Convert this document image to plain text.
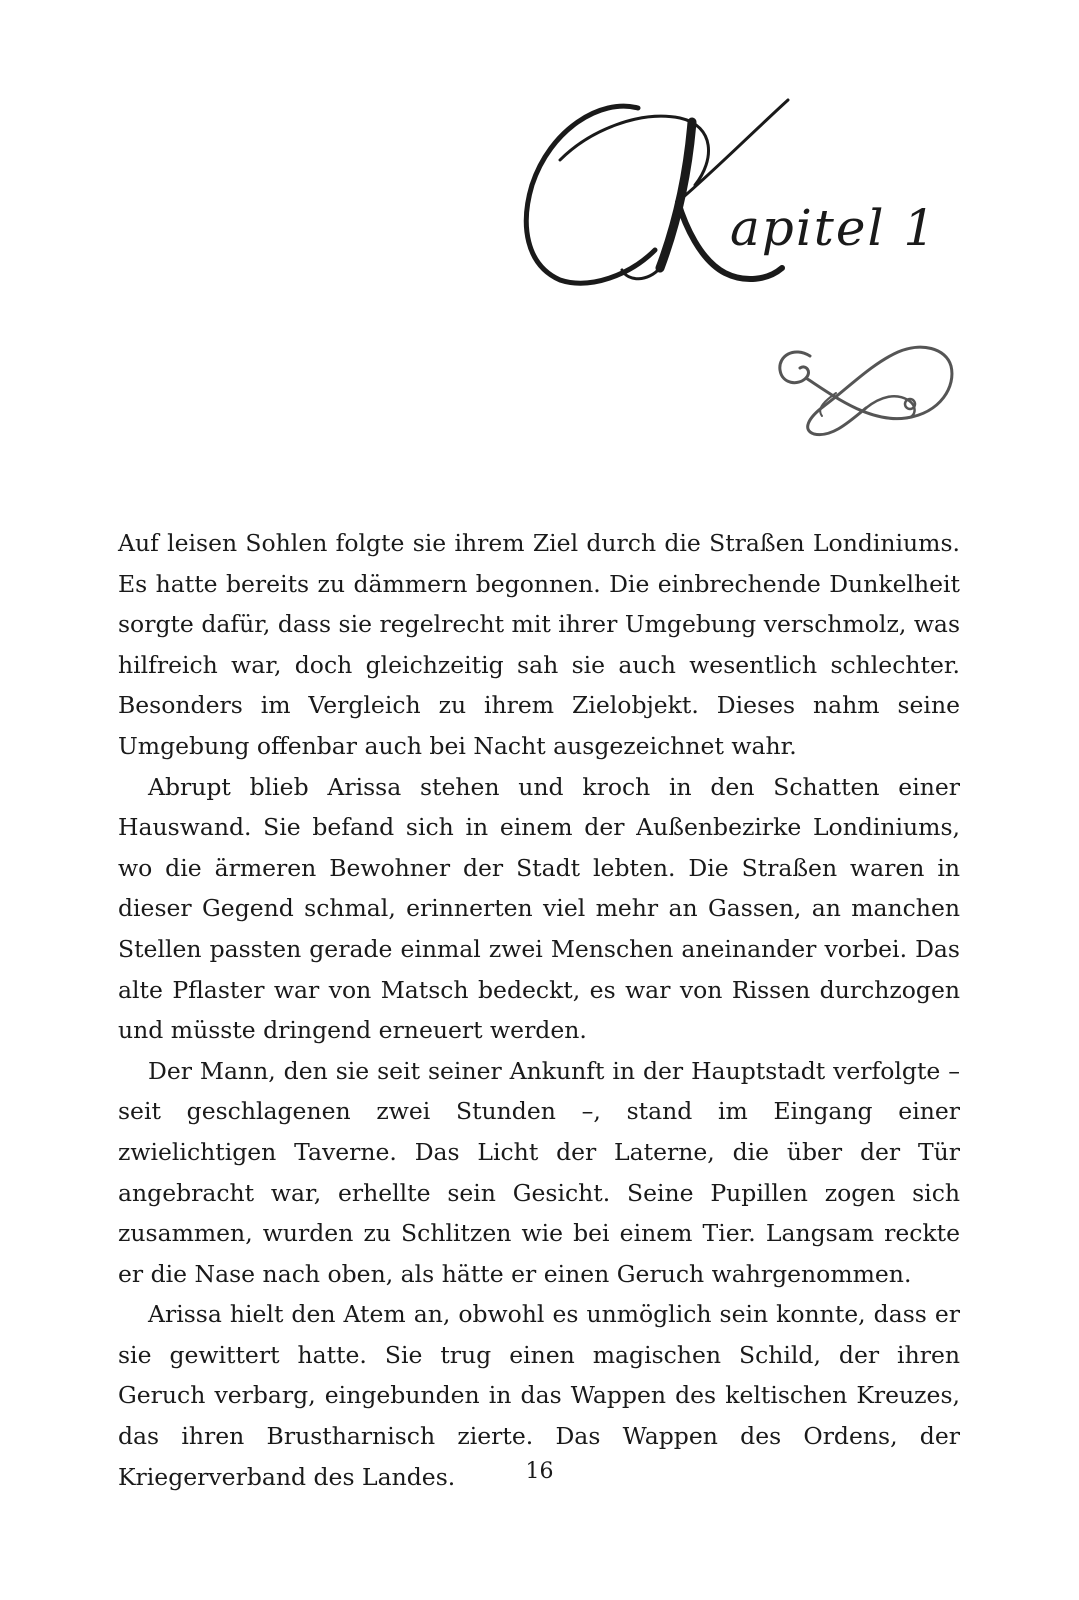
apitel 1

Auf leisen Sohlen folgte sie ihrem Ziel durch die Straßen Londiniums. Es hatte bereits zu dämmern begonnen. Die einbrechende Dunkelheit sorgte dafür, dass sie regelrecht mit ihrer Umgebung verschmolz, was hilfreich war, doch gleichzeitig sah sie auch wesentlich schlechter. Besonders im Vergleich zu ihrem Zielobjekt. Dieses nahm seine Umgebung offenbar auch bei Nacht ausgezeichnet wahr.

Abrupt blieb Arissa stehen und kroch in den Schatten einer Hauswand. Sie befand sich in einem der Außenbezirke Londiniums, wo die ärmeren Bewohner der Stadt lebten. Die Straßen waren in dieser Gegend schmal, erinnerten viel mehr an Gassen, an manchen Stellen passten gerade einmal zwei Menschen aneinander vorbei. Das alte Pflaster war von Matsch bedeckt, es war von Rissen durchzogen und müsste dringend erneuert werden.

Der Mann, den sie seit seiner Ankunft in der Hauptstadt verfolgte – seit geschlagenen zwei Stunden –, stand im Eingang einer zwielichtigen Taverne. Das Licht der Laterne, die über der Tür angebracht war, erhellte sein Gesicht. Seine Pupillen zogen sich zusammen, wurden zu Schlitzen wie bei einem Tier. Langsam reckte er die Nase nach oben, als hätte er einen Geruch wahrgenommen.

Arissa hielt den Atem an, obwohl es unmöglich sein konnte, dass er sie gewittert hatte. Sie trug einen magischen Schild, der ihren Geruch verbarg, eingebunden in das Wappen des keltischen Kreuzes, das ihren Brustharnisch zierte. Das Wappen des Ordens, der Kriegerverband des Landes.	16
